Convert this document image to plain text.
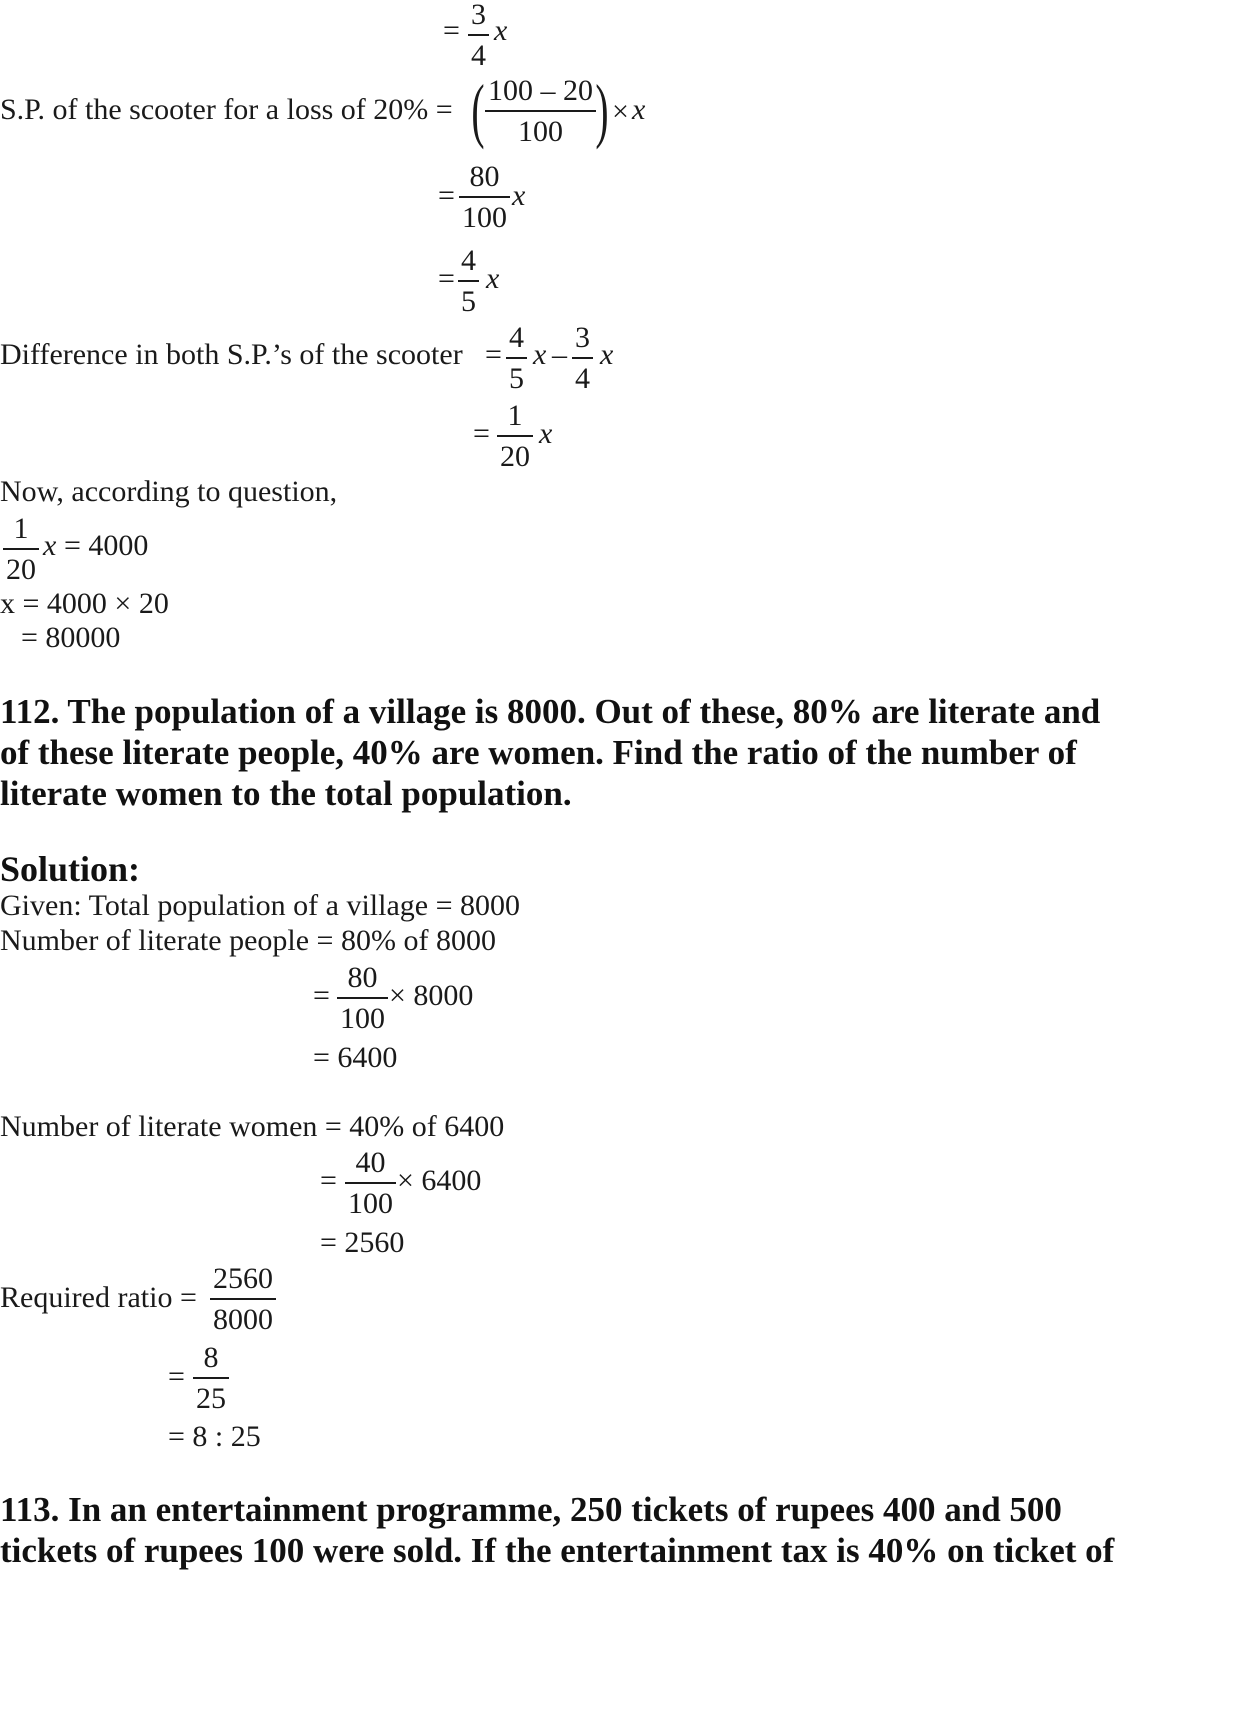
= $\frac{3}{4}$ x
S.P. of the scooter for a loss of 20% = ( $\frac{100 - 20}{100}$ ) × x
= $\frac{80}{100}$ x
= $\frac{4}{5}$ x
Difference in both S.P.’s of the scooter = $\frac{4}{5}$ x – $\frac{3}{4}$ x
= $\frac{1}{20}$ x
Now, according to question,
$\frac{1}{20}$ x = 4000
x = 4000 × 20
= 80000
112. The population of a village is 8000. Out of these, 80% are literate and
of these literate people, 40% are women. Find the ratio of the number of
literate women to the total population.
Solution:
Given: Total population of a village = 8000
Number of literate people = 80% of 8000
= $\frac{80}{100} \times 8000$
= 6400
Number of literate women = 40% of 6400
= $\frac{40}{100} \times 6400$
= 2560
Required ratio = $\frac{2560}{8000}$
= $\frac{8}{25}$
= 8 : 25
113. In an entertainment programme, 250 tickets of rupees 400 and 500
tickets of rupees 100 were sold. If the entertainment tax is 40% on ticket of
